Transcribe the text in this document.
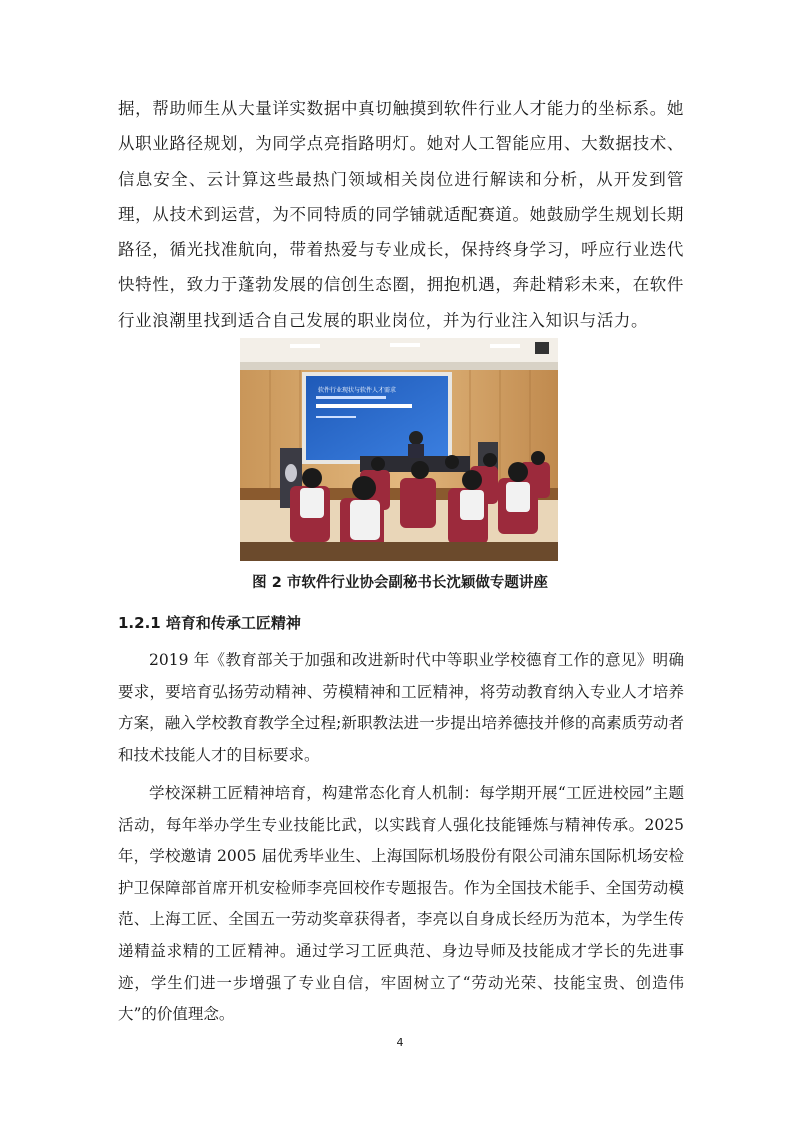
据，帮助师生从大量详实数据中真切触摸到软件行业人才能力的坐标系。她从职业路径规划，为同学点亮指路明灯。她对人工智能应用、大数据技术、信息安全、云计算这些最热门领域相关岗位进行解读和分析，从开发到管理，从技术到运营，为不同特质的同学铺就适配赛道。她鼓励学生规划长期路径，循光找准航向，带着热爱与专业成长，保持终身学习，呼应行业迭代快特性，致力于蓬勃发展的信创生态圈，拥抱机遇，奔赴精彩未来，在软件行业浪潮里找到适合自己发展的职业岗位，并为行业注入知识与活力。

软件行业现状与软件人才需求
图 2 市软件行业协会副秘书长沈颖做专题讲座
1.2.1 培育和传承工匠精神

2019 年《教育部关于加强和改进新时代中等职业学校德育工作的意见》明确要求，要培育弘扬劳动精神、劳模精神和工匠精神，将劳动教育纳入专业人才培养方案，融入学校教育教学全过程;新职教法进一步提出培养德技并修的高素质劳动者和技术技能人才的目标要求。

学校深耕工匠精神培育，构建常态化育人机制：每学期开展“工匠进校园”主题活动，每年举办学生专业技能比武，以实践育人强化技能锤炼与精神传承。2025 年，学校邀请 2005 届优秀毕业生、上海国际机场股份有限公司浦东国际机场安检护卫保障部首席开机安检师李亮回校作专题报告。作为全国技术能手、全国劳动模范、上海工匠、全国五一劳动奖章获得者，李亮以自身成长经历为范本，为学生传递精益求精的工匠精神。通过学习工匠典范、身边导师及技能成才学长的先进事迹，学生们进一步增强了专业自信，牢固树立了“劳动光荣、技能宝贵、创造伟大”的价值理念。

4
